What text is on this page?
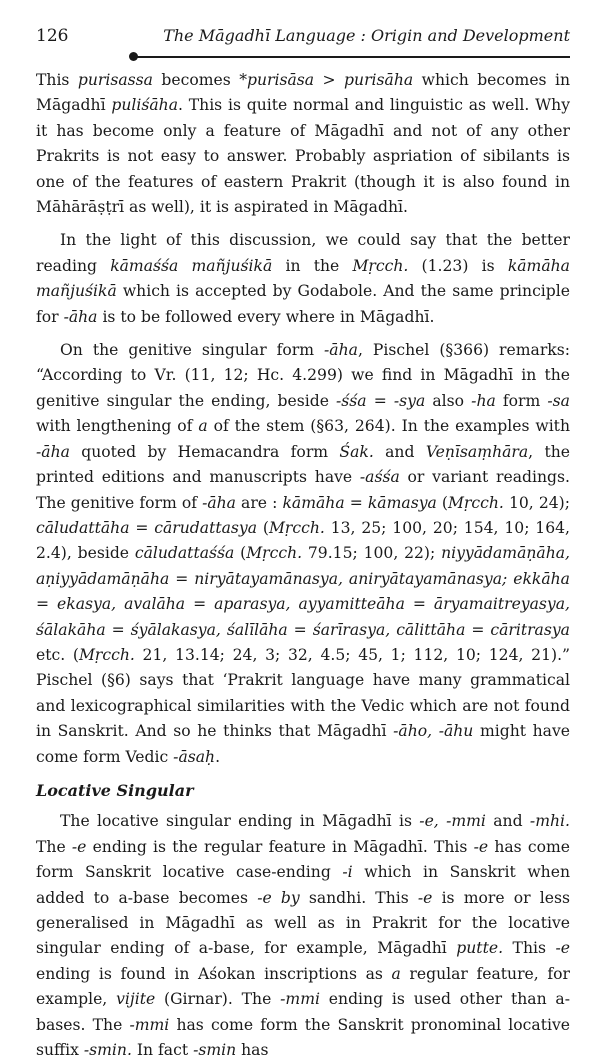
126	The Māgadhī Language : Origin and Development

This purisassa becomes *purisāsa > purisāha which becomes in Māgadhī puliśāha. This is quite normal and linguistic as well. Why it has become only a feature of Māgadhī and not of any other Prakrits is not easy to answer. Probably aspriation of sibilants is one of the features of eastern Prakrit (though it is also found in Māhārāṣṭrī as well), it is aspirated in Māgadhī.

In the light of this discussion, we could say that the better reading kāmaśśa mañjuśikā in the Mṛcch. (1.23) is kāmāha mañjuśikā which is accepted by Godabole. And the same principle for -āha is to be followed every where in Māgadhī.

On the genitive singular form -āha, Pischel (§366) remarks: “According to Vr. (11, 12; Hc. 4.299) we find in Māgadhī in the genitive singular the ending, beside -śśa = -sya also -ha form -sa with lengthening of a of the stem (§63, 264). In the examples with -āha quoted by Hemacandra form Śak. and Veṇīsaṃhāra, the printed editions and manuscripts have -aśśa or variant readings. The genitive form of -āha are : kāmāha = kāmasya (Mṛcch. 10, 24); cāludattāha = cārudattasya (Mṛcch. 13, 25; 100, 20; 154, 10; 164, 2.4), beside cāludattaśśa (Mṛcch. 79.15; 100, 22); niyyādamāṇāha, aṇiyyādamāṇāha = niryātayamānasya, aniryātayamānasya; ekkāha = ekasya, avalāha = aparasya, ayyamitteāha = āryamaitreyasya, śālakāha = śyālakasya, śalīlāha = śarīrasya, cālittāha = cāritrasya etc. (Mṛcch. 21, 13.14; 24, 3; 32, 4.5; 45, 1; 112, 10; 124, 21).” Pischel (§6) says that ‘Prakrit language have many grammatical and lexicographical similarities with the Vedic which are not found in Sanskrit. And so he thinks that Māgadhī -āho, -āhu might have come form Vedic -āsaḥ.

Locative Singular

The locative singular ending in Māgadhī is -e, -mmi and -mhi. The -e ending is the regular feature in Māgadhī. This -e has come form Sanskrit locative case-ending -i which in Sanskrit when added to a-base becomes -e by sandhi. This -e is more or less generalised in Māgadhī as well as in Prakrit for the locative singular ending of a-base, for example, Māgadhī putte. This -e ending is found in Aśokan inscriptions as a regular feature, for example, vijite (Girnar). The -mmi ending is used other than a-bases. The -mmi has come form the Sanskrit pronominal locative suffix -smin. In fact -smin has
